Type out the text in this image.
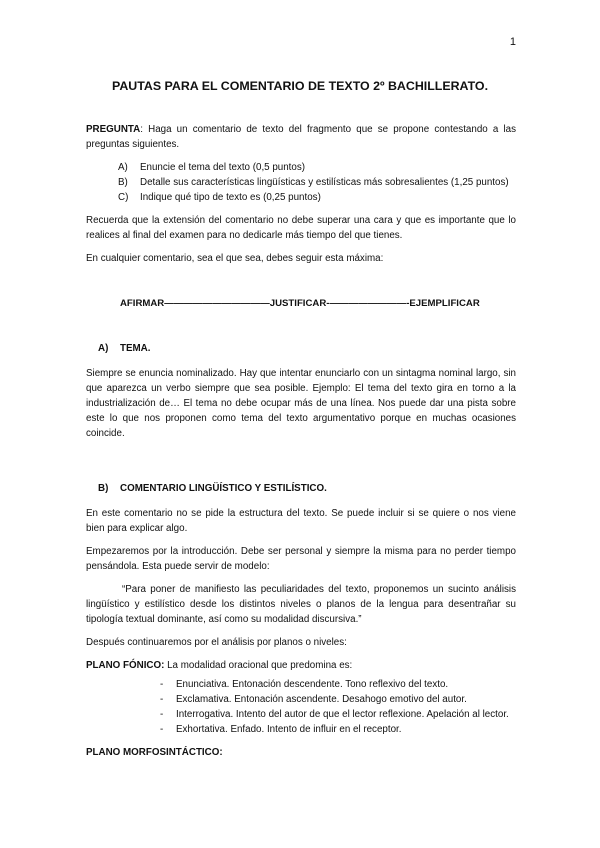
1
PAUTAS PARA EL COMENTARIO DE TEXTO 2º BACHILLERATO.

PREGUNTA: Haga un comentario de texto del fragmento que se propone contestando a las preguntas siguientes.

A)	Enuncie el tema del texto (0,5 puntos)
B)	Detalle sus características lingüísticas y estilísticas más sobresalientes (1,25 puntos)
C)	Indique qué tipo de texto es (0,25 puntos)

Recuerda que la extensión del comentario no debe superar una cara y que es importante que lo realices al final del examen para no dedicarle más tiempo del que tienes.

En cualquier comentario, sea el que sea, debes seguir esta máxima:

AFIRMAR———————————JUSTIFICAR-————————-EJEMPLIFICAR
A) TEMA.

Siempre se enuncia nominalizado. Hay que intentar enunciarlo con un sintagma nominal largo, sin que aparezca un verbo siempre que sea posible. Ejemplo: El tema del texto gira en torno a la industrialización de… El tema no debe ocupar más de una línea. Nos puede dar una pista sobre este lo que nos proponen como tema del texto argumentativo porque en muchas ocasiones coincide.

B) COMENTARIO LINGÜÍSTICO Y ESTILÍSTICO.

En este comentario no se pide la estructura del texto. Se puede incluir si se quiere o nos viene bien para explicar algo.

Empezaremos por la introducción. Debe ser personal y siempre la misma para no perder tiempo pensándola. Esta puede servir de modelo:

“Para poner de manifiesto las peculiaridades del texto, proponemos un sucinto análisis lingüístico y estilístico desde los distintos niveles o planos de la lengua para desentrañar su tipología textual dominante, así como su modalidad discursiva.”

Después continuaremos por el análisis por planos o niveles:

PLANO FÓNICO: La modalidad oracional que predomina es:

-	Enunciativa. Entonación descendente. Tono reflexivo del texto.
-	Exclamativa. Entonación ascendente. Desahogo emotivo del autor.
-	Interrogativa. Intento del autor de que el lector reflexione. Apelación al lector.
-	Exhortativa. Enfado. Intento de influir en el receptor.

PLANO MORFOSINTÁCTICO:
